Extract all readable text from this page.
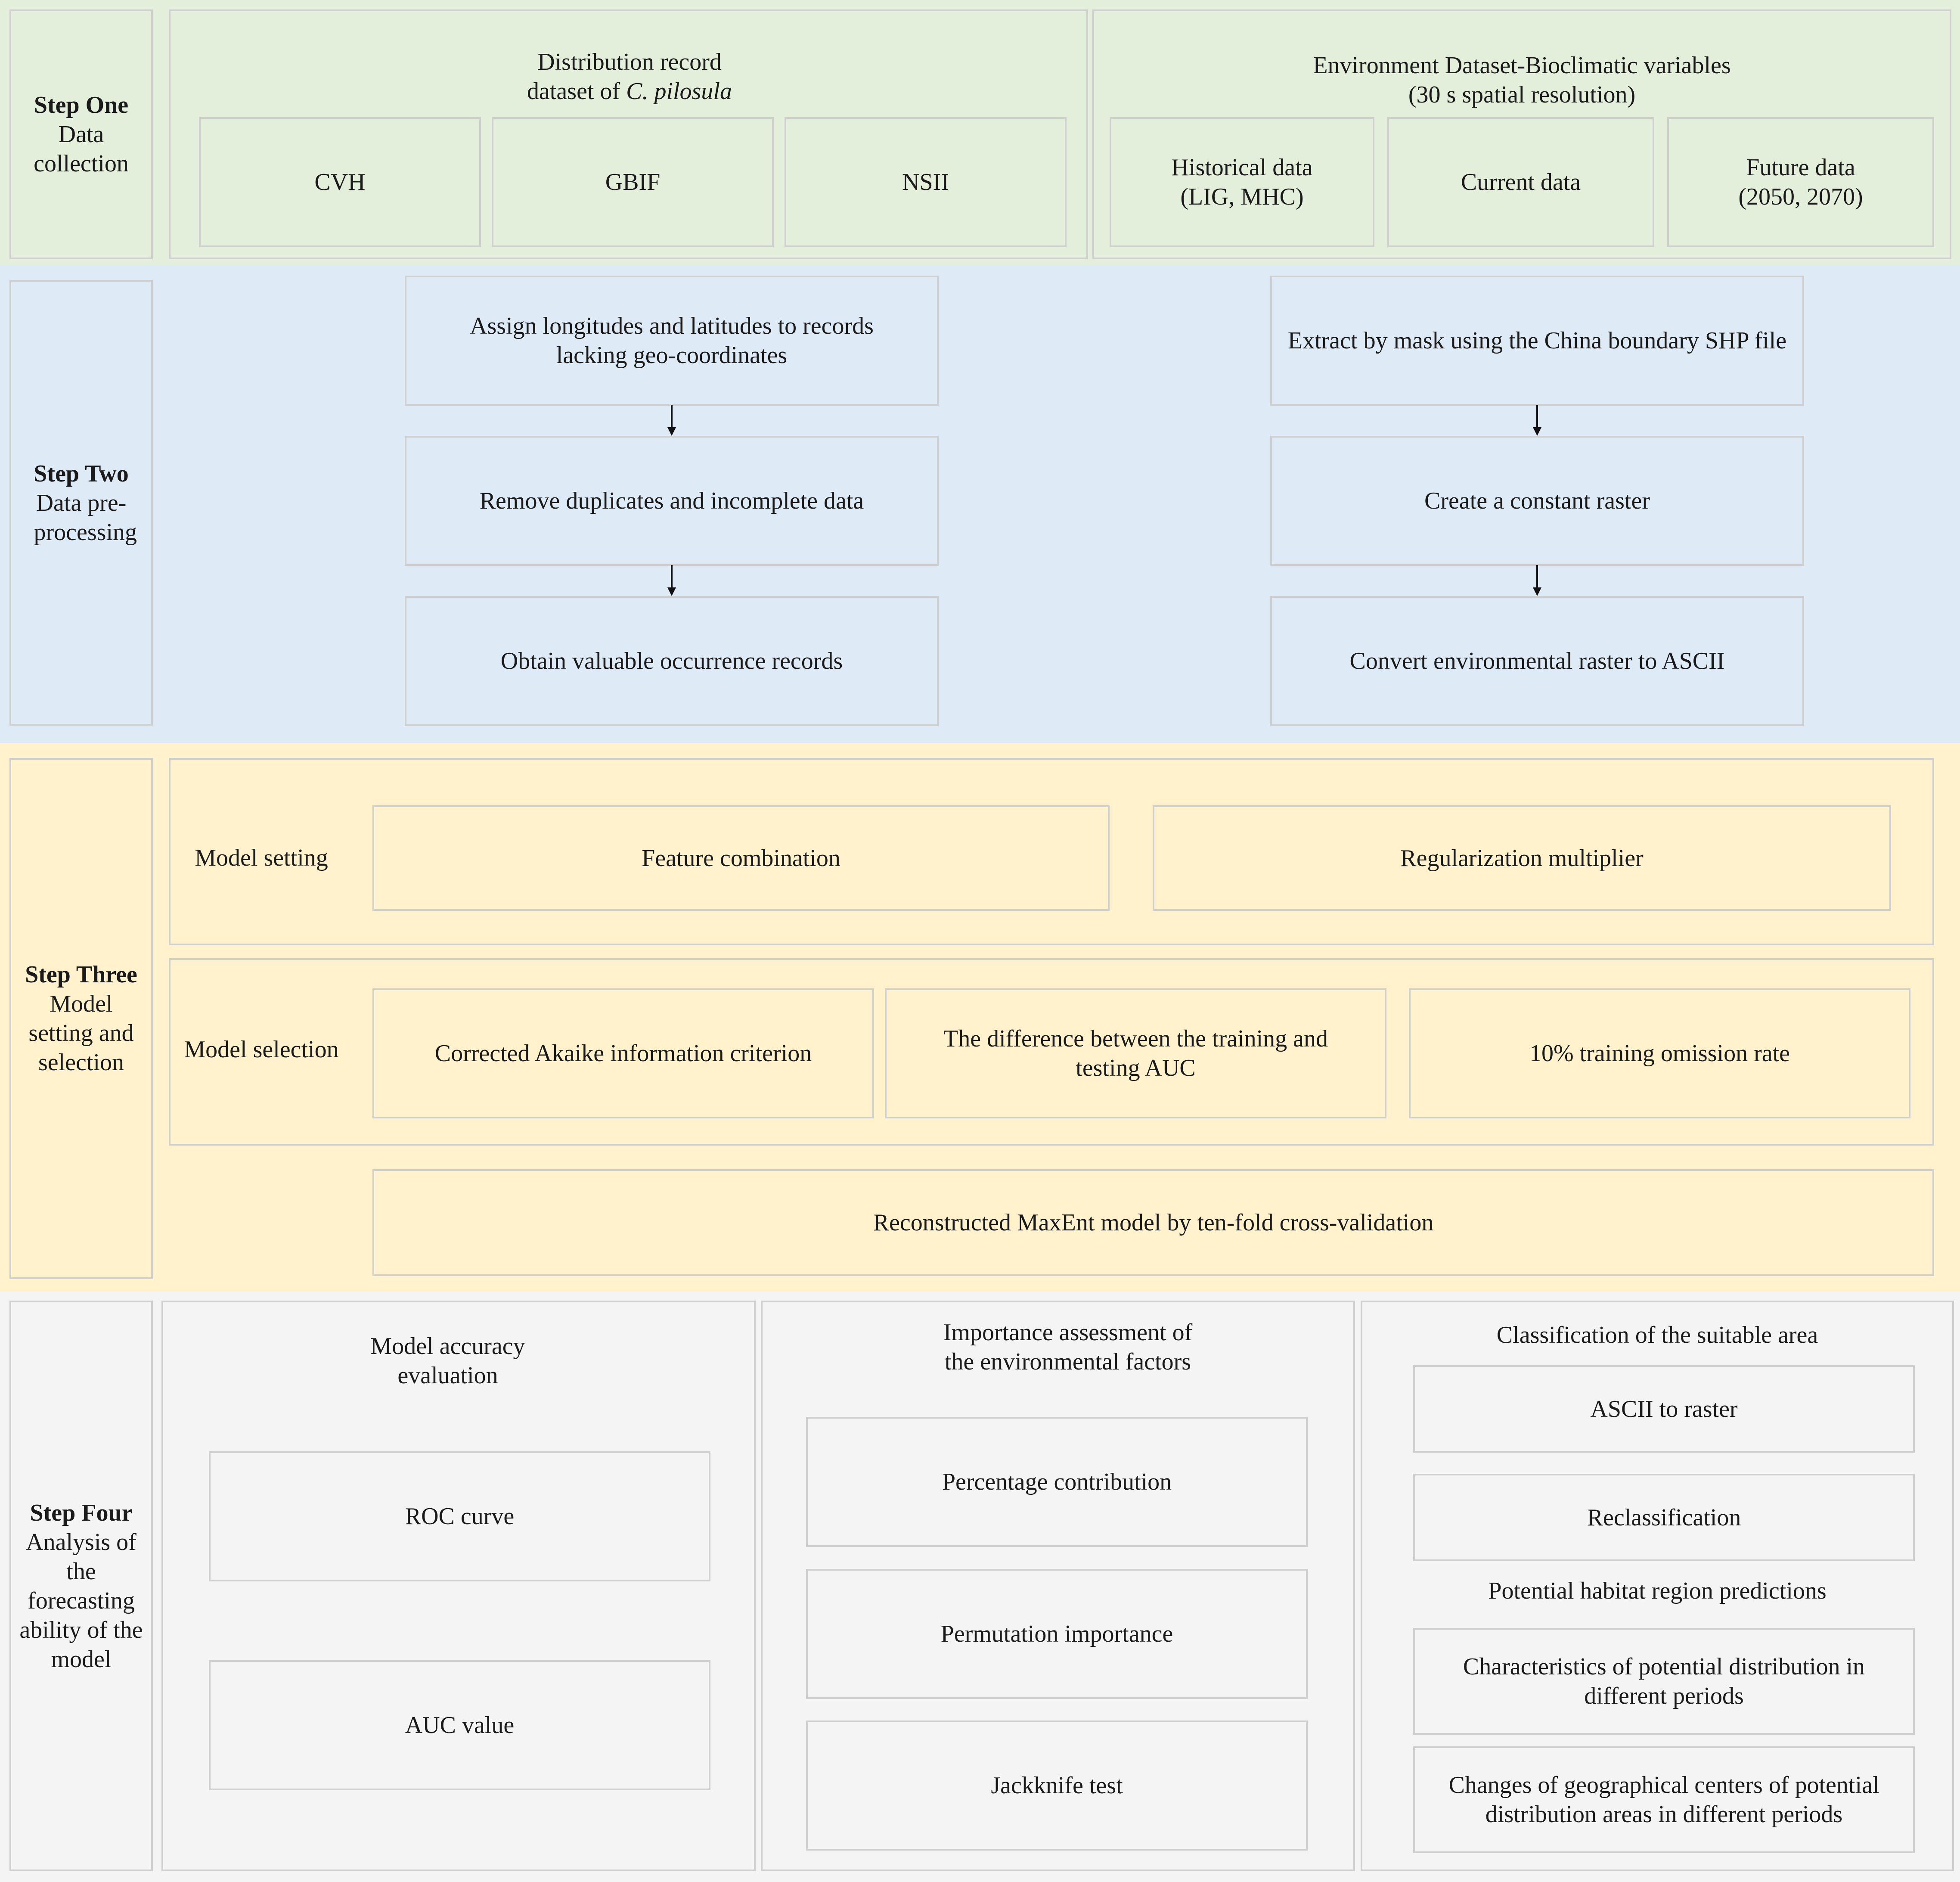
Step One
Data collection
Distribution record
dataset of C. pilosula
CVH	GBIF	NSII
Environment Dataset-Bioclimatic variables
(30 s spatial resolution)
Historical data
(LIG, MHC)
Current data
Future data
(2050, 2070)
Step Two
Data pre-processing
Assign longitudes and latitudes to records lacking geo-coordinates
Remove duplicates and incomplete data
Obtain valuable occurrence records
Extract by mask using the China boundary SHP file
Create a constant raster
Convert environmental raster to ASCII
Step Three
Model setting and selection
Model setting	Feature combination	Regularization multiplier
Model selection	Corrected Akaike information criterion
The difference between the training and testing AUC
10% training omission rate
Reconstructed MaxEnt model by ten-fold cross-validation
Step Four
Analysis of the forecasting ability of the model
Model accuracy evaluation
ROC curve
AUC value
Importance assessment of the environmental factors
Percentage contribution
Permutation importance
Jackknife test
Classification of the suitable area
ASCII to raster
Reclassification
Potential habitat region predictions
Characteristics of potential distribution in different periods
Changes of geographical centers of potential distribution areas in different periods
